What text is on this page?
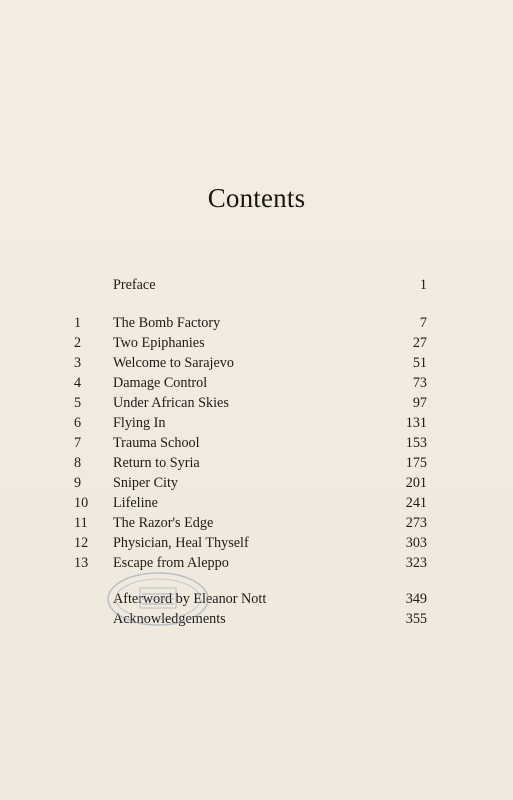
Contents
Preface	1
1	The Bomb Factory	7
2	Two Epiphanies	27
3	Welcome to Sarajevo	51
4	Damage Control	73
5	Under African Skies	97
6	Flying In	131
7	Trauma School	153
8	Return to Syria	175
9	Sniper City	201
10	Lifeline	241
11	The Razor's Edge	273
12	Physician, Heal Thyself	303
13	Escape from Aleppo	323
Afterword by Eleanor Nott	349
Acknowledgements	355
